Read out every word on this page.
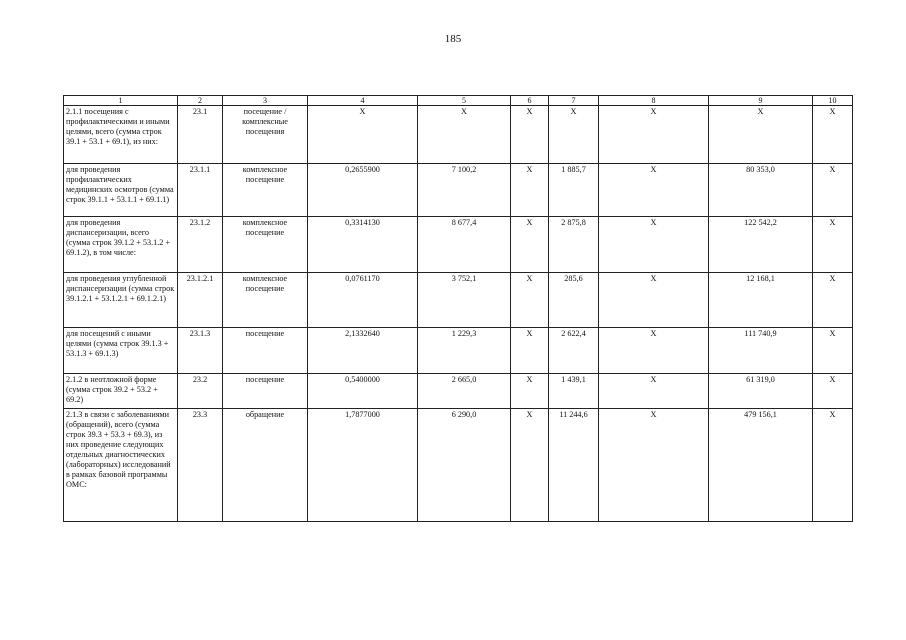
185
1	2	3	4	5	6	7	8	9	10
2.1.1 посещения с профилактическими и иными целями, всего (сумма строк 39.1 + 53.1 + 69.1), из них:	23.1	посещение / комплексные посещения	Х	Х	Х	Х	Х	Х	Х
для проведения профилактических медицинских осмотров (сумма строк 39.1.1 + 53.1.1 + 69.1.1)	23.1.1	комплексное посещение	0,2655900	7 100,2	Х	1 885,7	Х	80 353,0	Х
для проведения диспансеризации, всего (сумма строк 39.1.2 + 53.1.2 + 69.1.2), в том числе:	23.1.2	комплексное посещение	0,3314130	8 677,4	Х	2 875,8	Х	122 542,2	Х
для проведения углубленной диспансеризации (сумма строк 39.1.2.1 + 53.1.2.1 + 69.1.2.1)	23.1.2.1	комплексное посещение	0,0761170	3 752,1	Х	285,6	Х	12 168,1	Х
для посещений с иными целями (сумма строк 39.1.3 + 53.1.3 + 69.1.3)	23.1.3	посещение	2,1332640	1 229,3	Х	2 622,4	Х	111 740,9	Х
2.1.2 в неотложной форме (сумма строк 39.2 + 53.2 + 69.2)	23.2	посещение	0,5400000	2 665,0	Х	1 439,1	Х	61 319,0	Х
2.1.3 в связи с заболеваниями (обращений), всего (сумма строк 39.3 + 53.3 + 69.3), из них проведение следующих отдельных диагностических (лабораторных) исследований в рамках базовой программы ОМС:	23.3	обращение	1,7877000	6 290,0	Х	11 244,6	Х	479 156,1	Х
